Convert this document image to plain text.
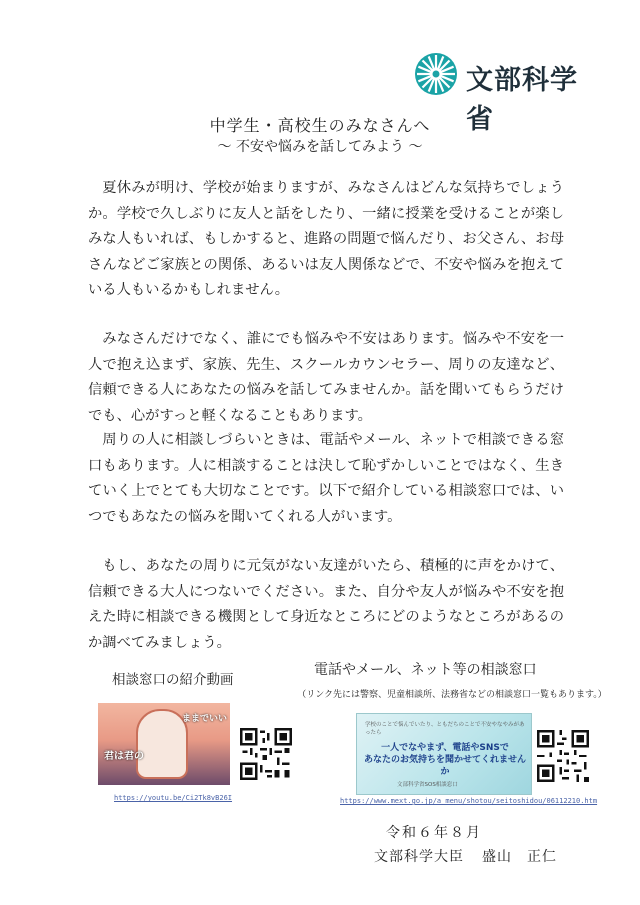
文部科学省
中学生・高校生のみなさんへ
～ 不安や悩みを話してみよう ～

夏休みが明け、学校が始まりますが、みなさんはどんな気持ちでしょうか。学校で久しぶりに友人と話をしたり、一緒に授業を受けることが楽しみな人もいれば、もしかすると、進路の問題で悩んだり、お父さん、お母さんなどご家族との関係、あるいは友人関係などで、不安や悩みを抱えている人もいるかもしれません。

みなさんだけでなく、誰にでも悩みや不安はあります。悩みや不安を一人で抱え込まず、家族、先生、スクールカウンセラー、周りの友達など、信頼できる人にあなたの悩みを話してみませんか。話を聞いてもらうだけでも、心がすっと軽くなることもあります。

周りの人に相談しづらいときは、電話やメール、ネットで相談できる窓口もあります。人に相談することは決して恥ずかしいことではなく、生きていく上でとても大切なことです。以下で紹介している相談窓口では、いつでもあなたの悩みを聞いてくれる人がいます。

もし、あなたの周りに元気がない友達がいたら、積極的に声をかけて、信頼できる大人につないでください。また、自分や友人が悩みや不安を抱えた時に相談できる機関として身近なところにどのようなところがあるのか調べてみましょう。

相談窓口の紹介動画
君は君の
ままでいい
https://youtu.be/Ci2Tk8vB26I
電話やメール、ネット等の相談窓口
（リンク先には警察、児童相談所、法務省などの相談窓口一覧もあります。）
学校のことで悩んでいたり、ともだちのことで不安やなやみがあったら
一人でなやまず、電話やSNSで
あなたのお気持ちを聞かせてくれませんか
文部科学省SOS相談窓口
https://www.mext.go.jp/a_menu/shotou/seitoshidou/06112210.htm
令和６年８月
文部科学大臣 盛山　正仁
